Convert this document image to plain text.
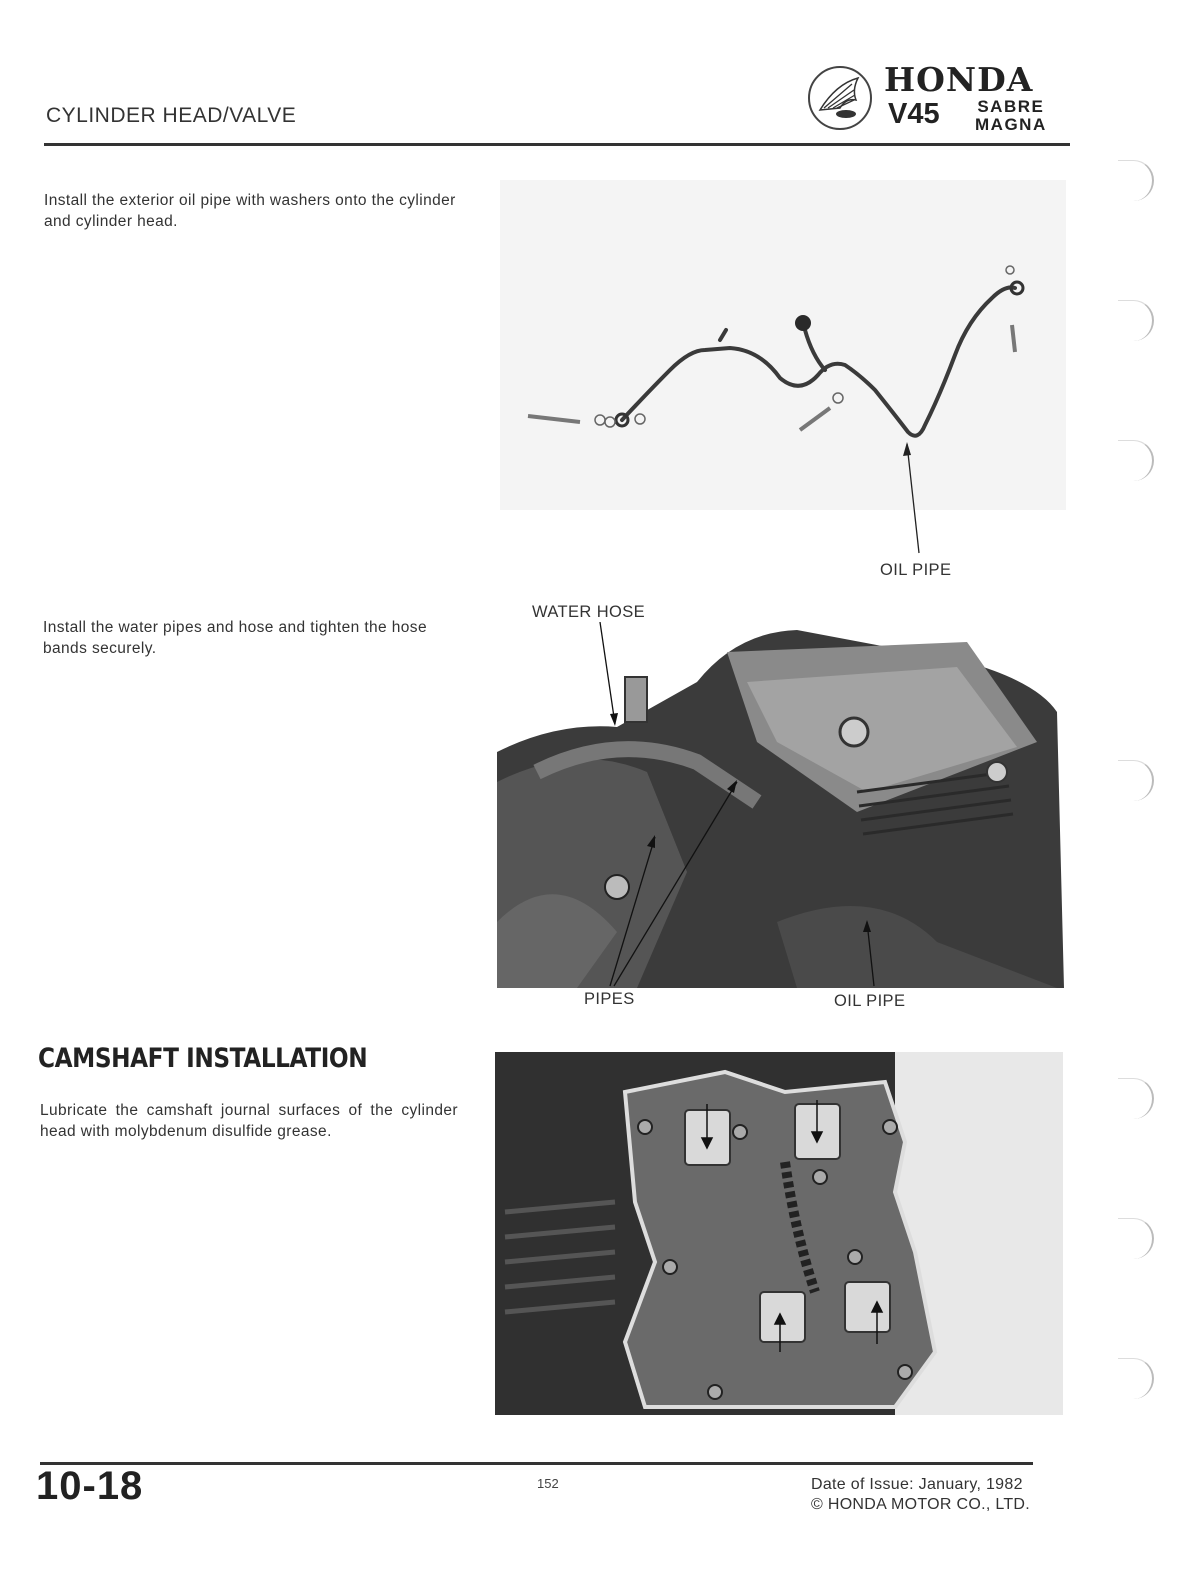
CYLINDER HEAD/VALVE
HONDA
V45 SABRE
MAGNA
Install the exterior oil pipe with washers onto the cylinder and cylinder head.
OIL PIPE
Install the water pipes and hose and tighten the hose bands securely.
WATER HOSE
PIPES	OIL PIPE
CAMSHAFT INSTALLATION
Lubricate the camshaft journal surfaces of the cylinder head with molybdenum disulfide grease.
10-18	152	Date of Issue: January, 1982
© HONDA MOTOR CO., LTD.
